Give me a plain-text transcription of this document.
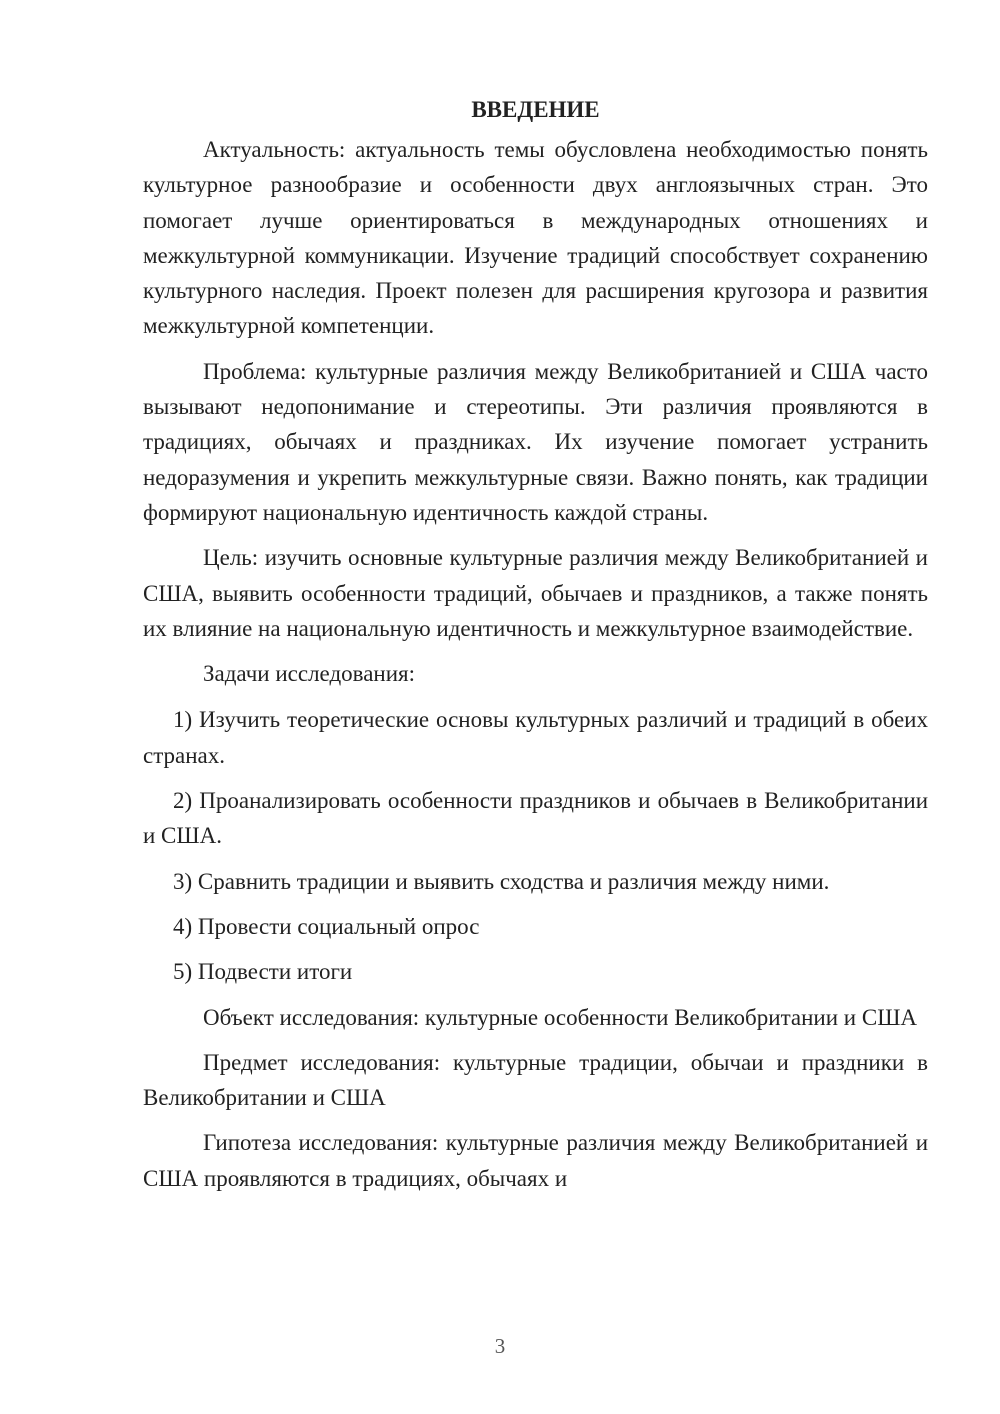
ВВЕДЕНИЕ

Актуальность: актуальность темы обусловлена необходимостью понять культурное разнообразие и особенности двух англоязычных стран. Это помогает лучше ориентироваться в международных отношениях и межкультурной коммуникации. Изучение традиций способствует сохранению культурного наследия. Проект полезен для расширения кругозора и развития межкультурной компетенции.

Проблема: культурные различия между Великобританией и США часто вызывают недопонимание и стереотипы. Эти различия проявляются в традициях, обычаях и праздниках. Их изучение помогает устранить недоразумения и укрепить межкультурные связи. Важно понять, как традиции формируют национальную идентичность каждой страны.

Цель: изучить основные культурные различия между Великобританией и США, выявить особенности традиций, обычаев и праздников, а также понять их влияние на национальную идентичность и межкультурное взаимодействие.

Задачи исследования:

1) Изучить теоретические основы культурных различий и традиций в обеих странах.

2) Проанализировать особенности праздников и обычаев в Великобритании и США.

3) Сравнить традиции и выявить сходства и различия между ними.

4) Провести социальный опрос

5) Подвести итоги

Объект исследования: культурные особенности Великобритании и США

Предмет исследования: культурные традиции, обычаи и праздники в Великобритании и США

Гипотеза исследования: культурные различия между Великобританией и США проявляются в традициях, обычаях и

3
